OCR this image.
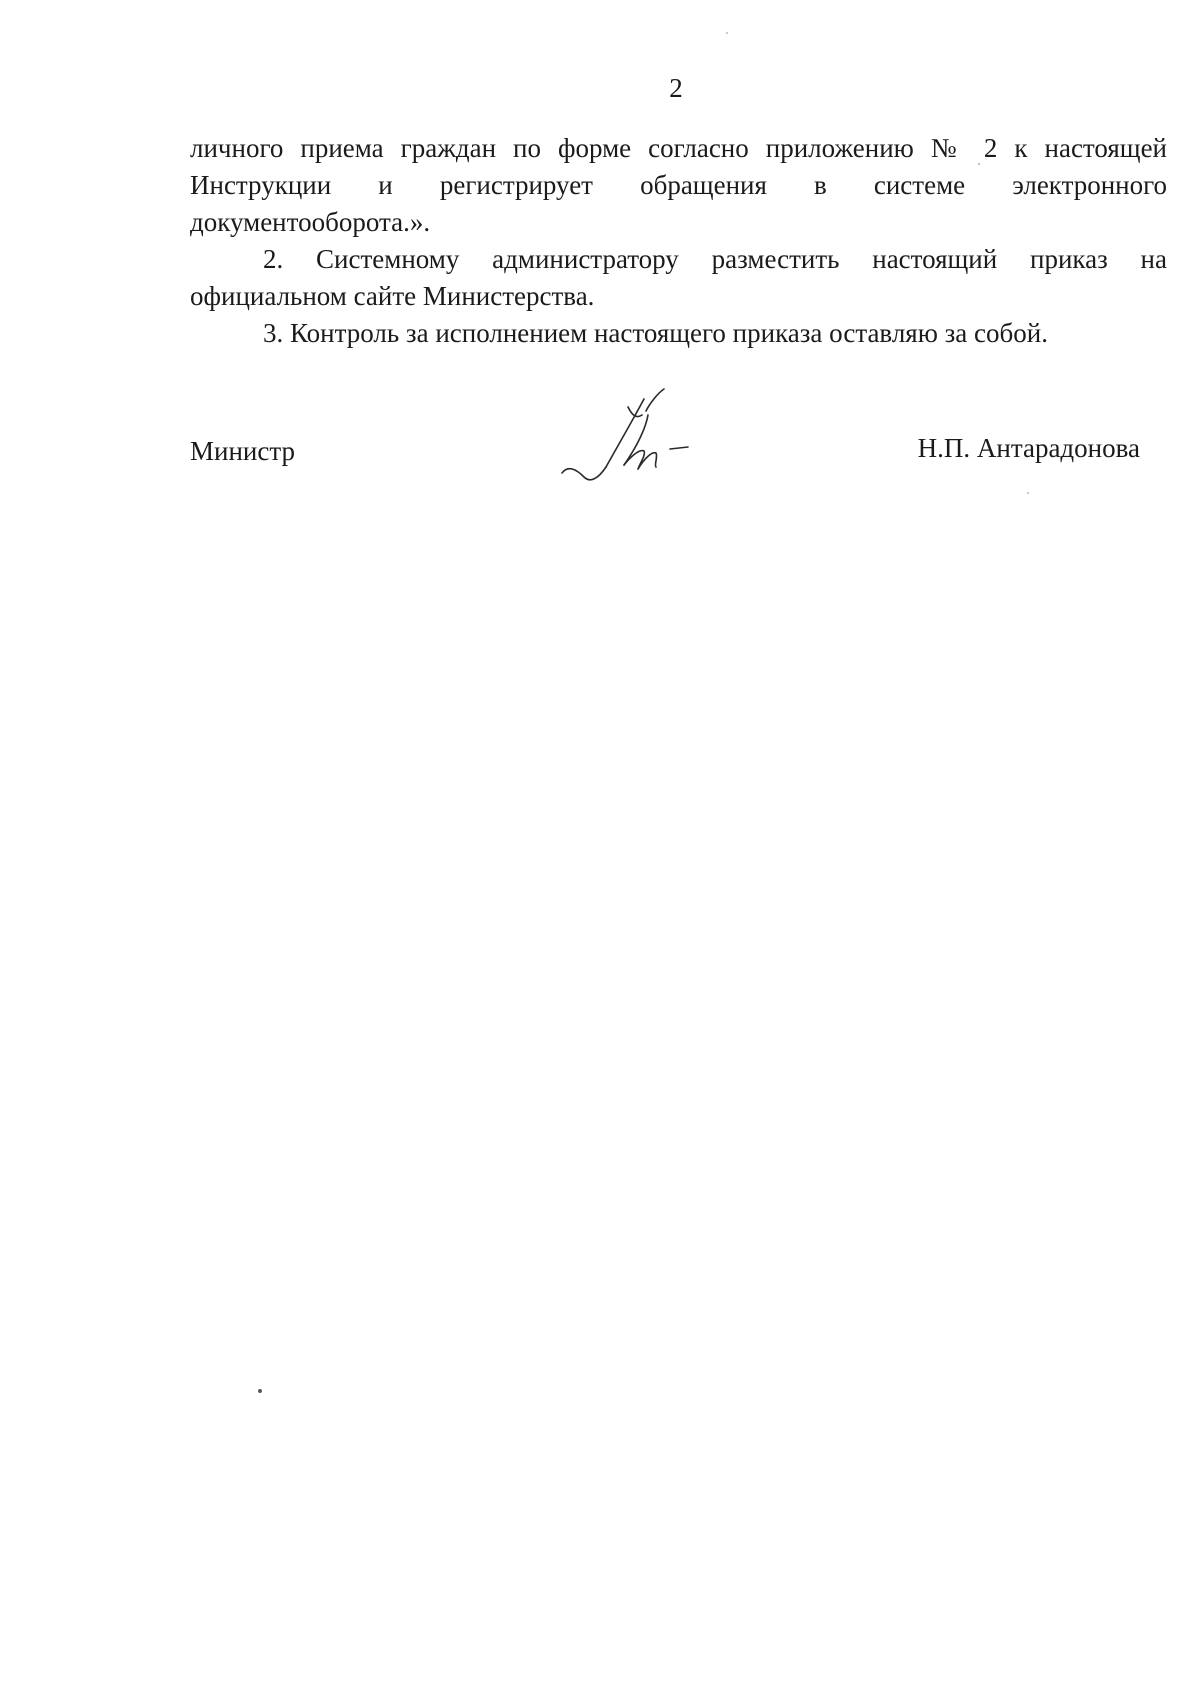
2

личного приема граждан по форме согласно приложению № 2 к настоящей Инструкции и регистрирует обращения в системе электронного документооборота.».

2. Системному администратору разместить настоящий приказ на официальном сайте Министерства.

3. Контроль за исполнением настоящего приказа оставляю за собой.

Министр	Н.П. Антарадонова
